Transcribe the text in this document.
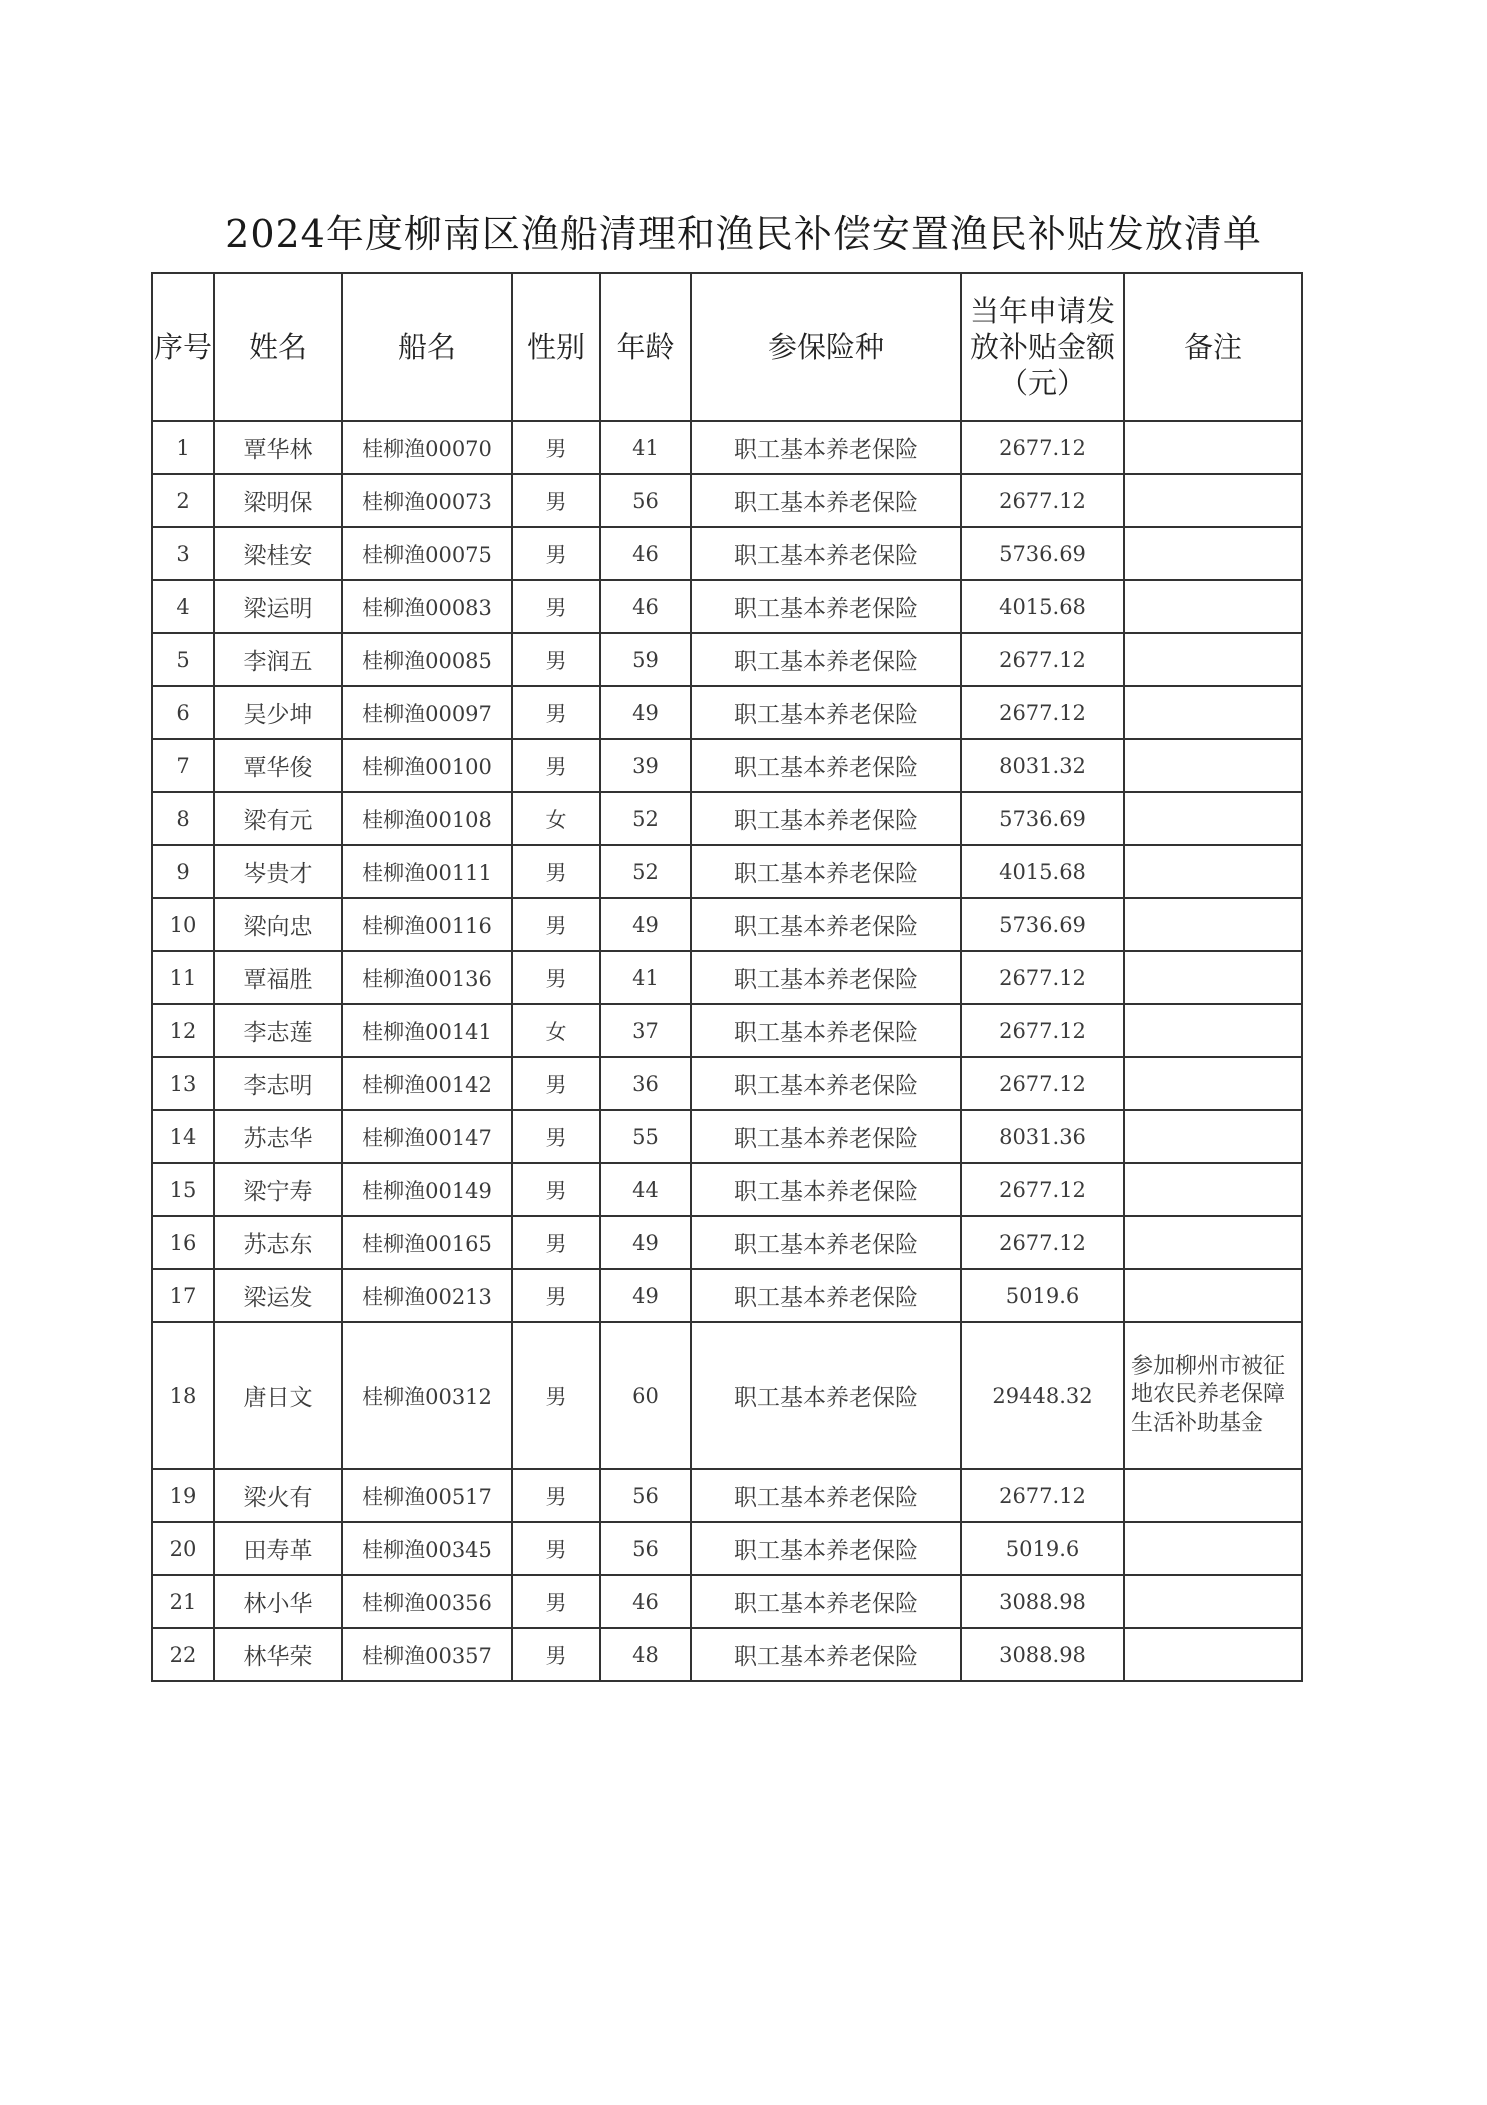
2024年度柳南区渔船清理和渔民补偿安置渔民补贴发放清单
序号	姓名	船名	性别	年龄	参保险种	当年申请发放补贴金额（元）	备注
1	覃华林	桂柳渔00070	男	41	职工基本养老保险	2677.12	
2	梁明保	桂柳渔00073	男	56	职工基本养老保险	2677.12	
3	梁桂安	桂柳渔00075	男	46	职工基本养老保险	5736.69	
4	梁运明	桂柳渔00083	男	46	职工基本养老保险	4015.68	
5	李润五	桂柳渔00085	男	59	职工基本养老保险	2677.12	
6	吴少坤	桂柳渔00097	男	49	职工基本养老保险	2677.12	
7	覃华俊	桂柳渔00100	男	39	职工基本养老保险	8031.32	
8	梁有元	桂柳渔00108	女	52	职工基本养老保险	5736.69	
9	岑贵才	桂柳渔00111	男	52	职工基本养老保险	4015.68	
10	梁向忠	桂柳渔00116	男	49	职工基本养老保险	5736.69	
11	覃福胜	桂柳渔00136	男	41	职工基本养老保险	2677.12	
12	李志莲	桂柳渔00141	女	37	职工基本养老保险	2677.12	
13	李志明	桂柳渔00142	男	36	职工基本养老保险	2677.12	
14	苏志华	桂柳渔00147	男	55	职工基本养老保险	8031.36	
15	梁宁寿	桂柳渔00149	男	44	职工基本养老保险	2677.12	
16	苏志东	桂柳渔00165	男	49	职工基本养老保险	2677.12	
17	梁运发	桂柳渔00213	男	49	职工基本养老保险	5019.6	
18	唐日文	桂柳渔00312	男	60	职工基本养老保险	29448.32	参加柳州市被征地农民养老保障生活补助基金
19	梁火有	桂柳渔00517	男	56	职工基本养老保险	2677.12	
20	田寿革	桂柳渔00345	男	56	职工基本养老保险	5019.6	
21	林小华	桂柳渔00356	男	46	职工基本养老保险	3088.98	
22	林华荣	桂柳渔00357	男	48	职工基本养老保险	3088.98	
